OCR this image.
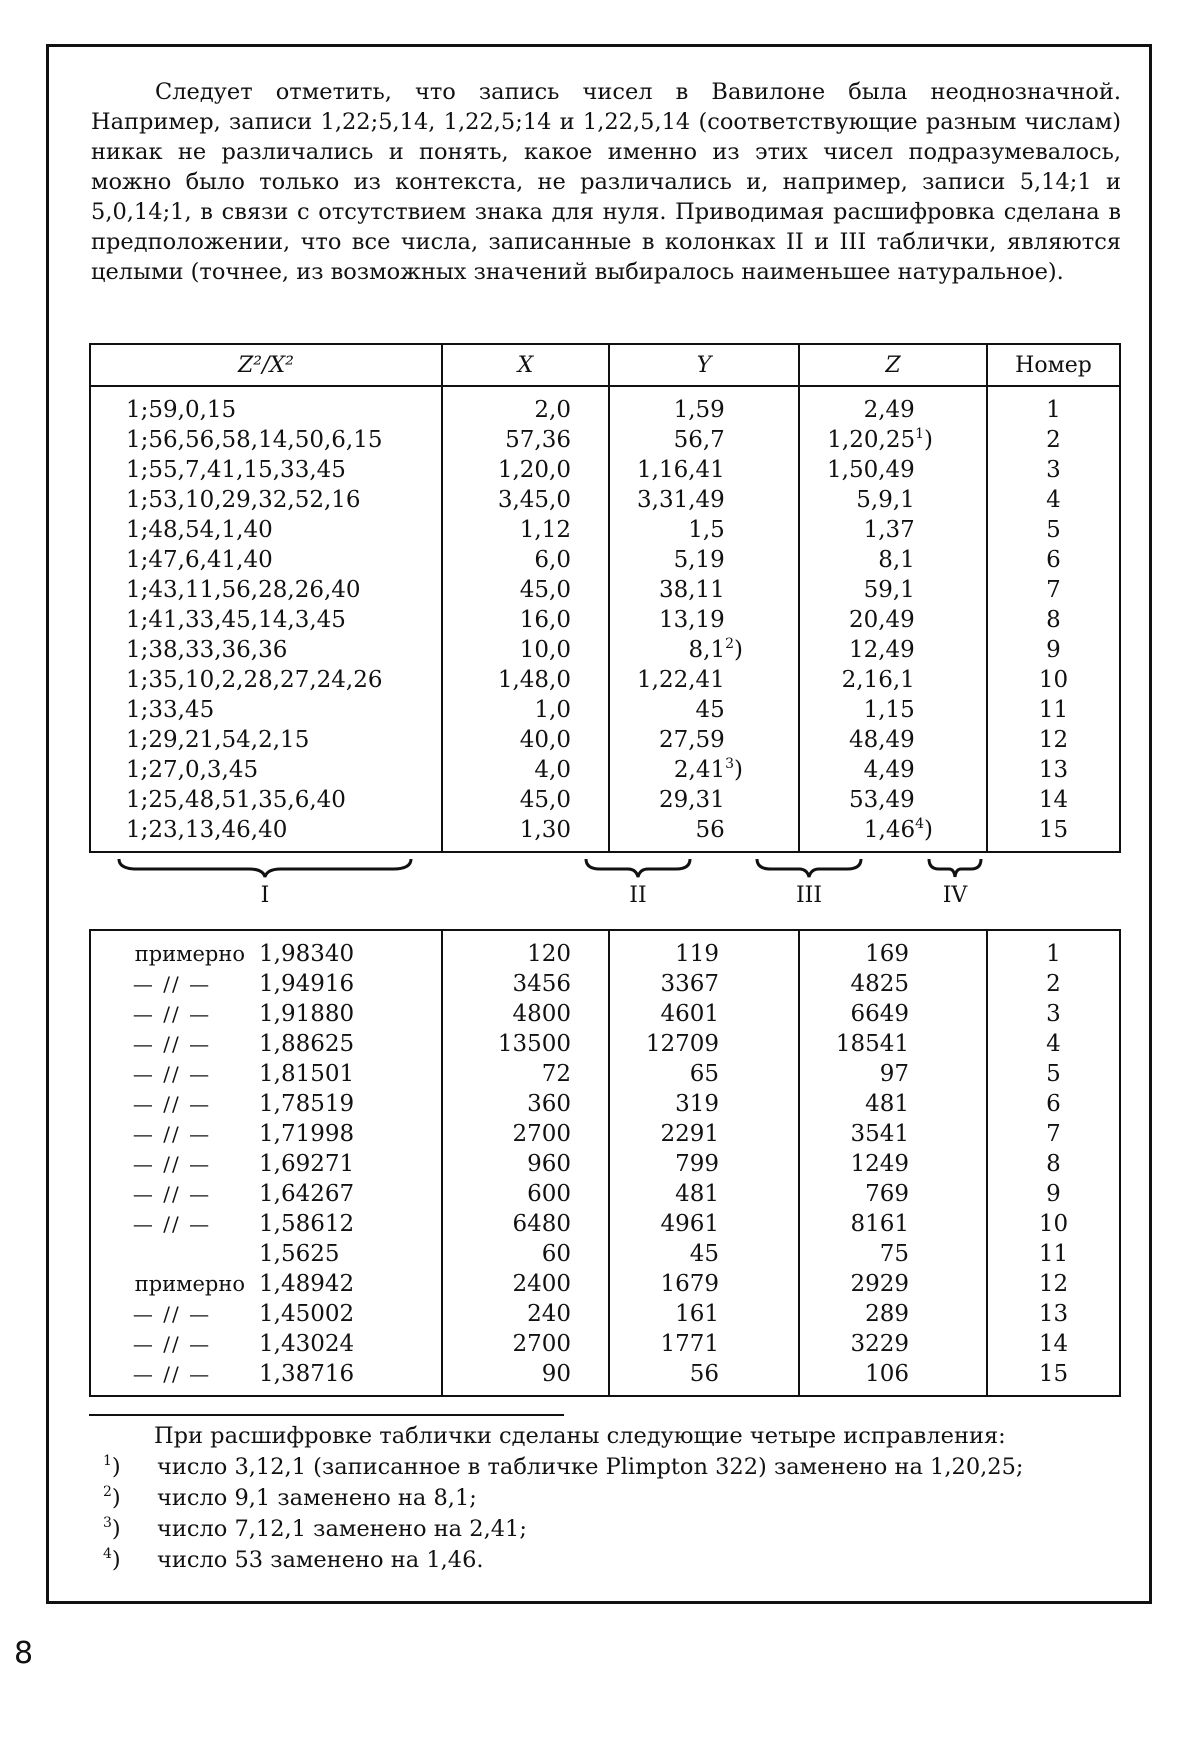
Следует отметить, что запись чисел в Вавилоне была неоднозначной. Например, записи 1,22;5,14, 1,22,5;14 и 1,22,5,14 (соответствующие разным числам) никак не различались и понять, какое именно из этих чисел подразумевалось, можно было только из контекста, не различались и, например, записи 5,14;1 и 5,0,14;1, в связи с отсутствием знака для нуля. Приводимая расшифровка сделана в предположении, что все числа, записанные в колонках II и III таблички, являются целыми (точнее, из возможных значений выбиралось наименьшее натуральное).

Z²/X²	X	Y	Z	Номер
1;59,0,15	2,0	1,59	2,49	1
1;56,56,58,14,50,6,15	57,36	56,7	1,20,251)	2
1;55,7,41,15,33,45	1,20,0	1,16,41	1,50,49	3
1;53,10,29,32,52,16	3,45,0	3,31,49	5,9,1	4
1;48,54,1,40	1,12	1,5	1,37	5
1;47,6,41,40	6,0	5,19	8,1	6
1;43,11,56,28,26,40	45,0	38,11	59,1	7
1;41,33,45,14,3,45	16,0	13,19	20,49	8
1;38,33,36,36	10,0	8,12)	12,49	9
1;35,10,2,28,27,24,26	1,48,0	1,22,41	2,16,1	10
1;33,45	1,0	45	1,15	11
1;29,21,54,2,15	40,0	27,59	48,49	12
1;27,0,3,45	4,0	2,413)	4,49	13
1;25,48,51,35,6,40	45,0	29,31	53,49	14
1;23,13,46,40	1,30	56	1,464)	15
I	II	III	IV
примерно 1,98340	120	119	169	1
— // — 1,94916	3456	3367	4825	2
— // — 1,91880	4800	4601	6649	3
— // — 1,88625	13500	12709	18541	4
— // — 1,81501	72	65	97	5
— // — 1,78519	360	319	481	6
— // — 1,71998	2700	2291	3541	7
— // — 1,69271	960	799	1249	8
— // — 1,64267	600	481	769	9
— // — 1,58612	6480	4961	8161	10
1,5625	60	45	75	11
примерно 1,48942	2400	1679	2929	12
— // — 1,45002	240	161	289	13
— // — 1,43024	2700	1771	3229	14
— // — 1,38716	90	56	106	15
При расшифровке таблички сделаны следующие четыре исправления:
1)	число 3,12,1 (записанное в табличке Plimpton 322) заменено на 1,20,25;
2)	число 9,1 заменено на 8,1;
3)	число 7,12,1 заменено на 2,41;
4)	число 53 заменено на 1,46.
8
